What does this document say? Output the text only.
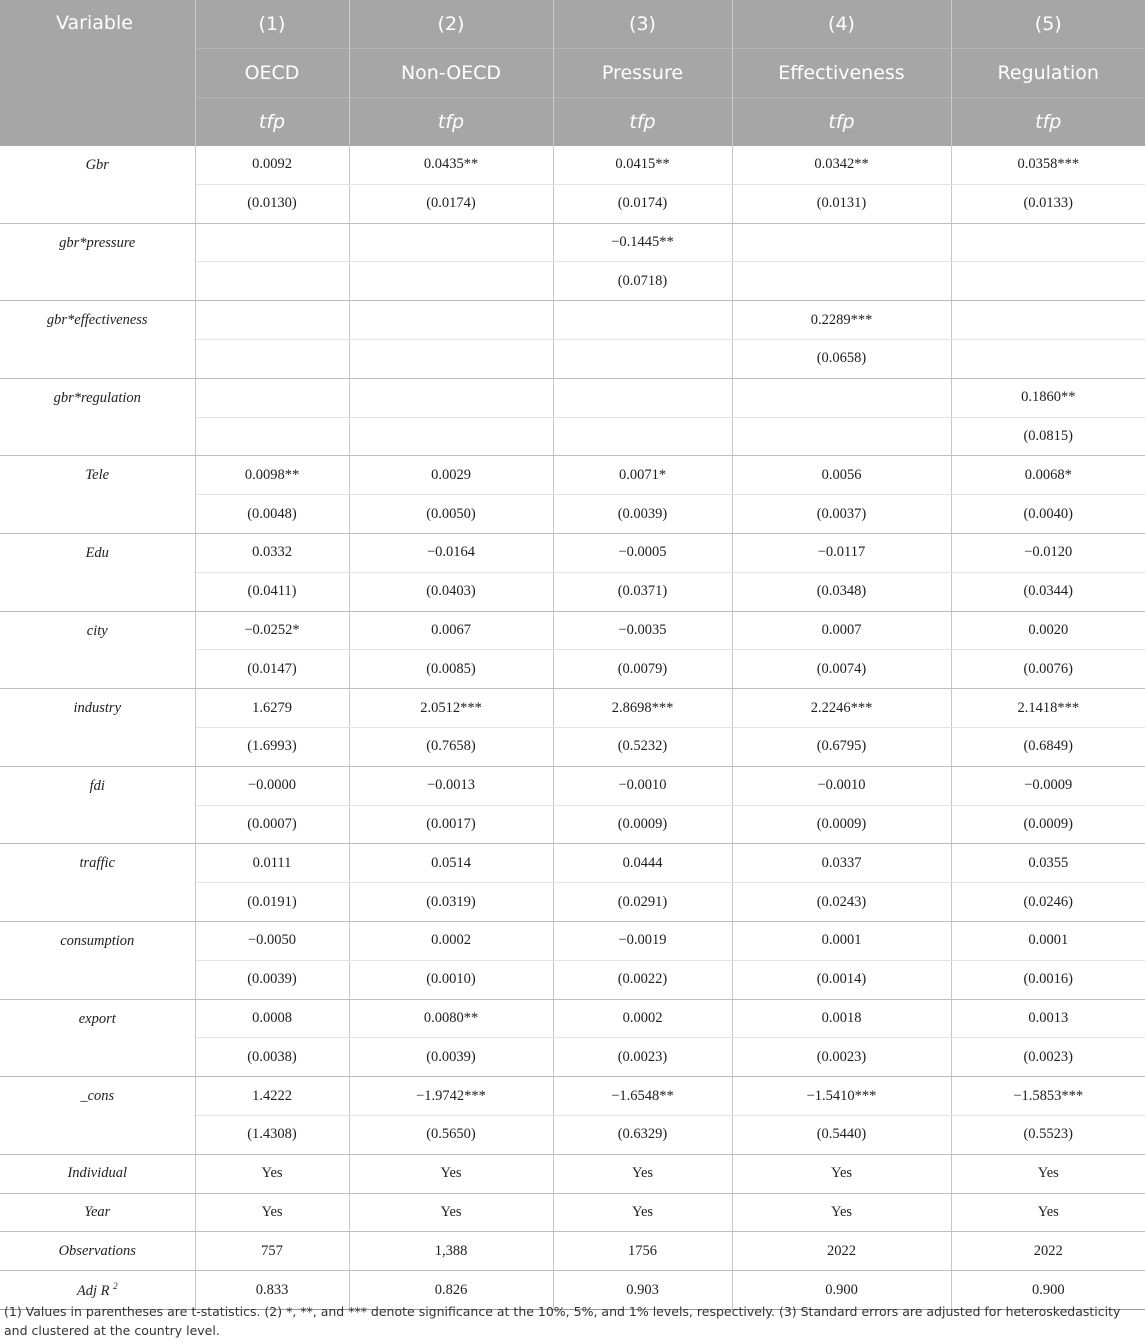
Variable	(1)	(2)	(3)	(4)	(5)
	OECD	Non-OECD	Pressure	Effectiveness	Regulation
	tfp	tfp	tfp	tfp	tfp
Gbr	0.0092	0.0435**	0.0415**	0.0342**	0.0358***
	(0.0130)	(0.0174)	(0.0174)	(0.0131)	(0.0133)
gbr*pressure			−0.1445**		
			(0.0718)		
gbr*effectiveness				0.2289***	
				(0.0658)	
gbr*regulation					0.1860**
					(0.0815)
Tele	0.0098**	0.0029	0.0071*	0.0056	0.0068*
	(0.0048)	(0.0050)	(0.0039)	(0.0037)	(0.0040)
Edu	0.0332	−0.0164	−0.0005	−0.0117	−0.0120
	(0.0411)	(0.0403)	(0.0371)	(0.0348)	(0.0344)
city	−0.0252*	0.0067	−0.0035	0.0007	0.0020
	(0.0147)	(0.0085)	(0.0079)	(0.0074)	(0.0076)
industry	1.6279	2.0512***	2.8698***	2.2246***	2.1418***
	(1.6993)	(0.7658)	(0.5232)	(0.6795)	(0.6849)
fdi	−0.0000	−0.0013	−0.0010	−0.0010	−0.0009
	(0.0007)	(0.0017)	(0.0009)	(0.0009)	(0.0009)
traffic	0.0111	0.0514	0.0444	0.0337	0.0355
	(0.0191)	(0.0319)	(0.0291)	(0.0243)	(0.0246)
consumption	−0.0050	0.0002	−0.0019	0.0001	0.0001
	(0.0039)	(0.0010)	(0.0022)	(0.0014)	(0.0016)
export	0.0008	0.0080**	0.0002	0.0018	0.0013
	(0.0038)	(0.0039)	(0.0023)	(0.0023)	(0.0023)
_cons	1.4222	−1.9742***	−1.6548**	−1.5410***	−1.5853***
	(1.4308)	(0.5650)	(0.6329)	(0.5440)	(0.5523)
Individual	Yes	Yes	Yes	Yes	Yes
Year	Yes	Yes	Yes	Yes	Yes
Observations	757	1,388	1756	2022	2022
Adj R $^2$	0.833	0.826	0.903	0.900	0.900

(1) Values in parentheses are t-statistics. (2) *, **, and *** denote significance at the 10%, 5%, and 1% levels, respectively. (3) Standard errors are adjusted for heteroskedasticity and clustered at the country level.
